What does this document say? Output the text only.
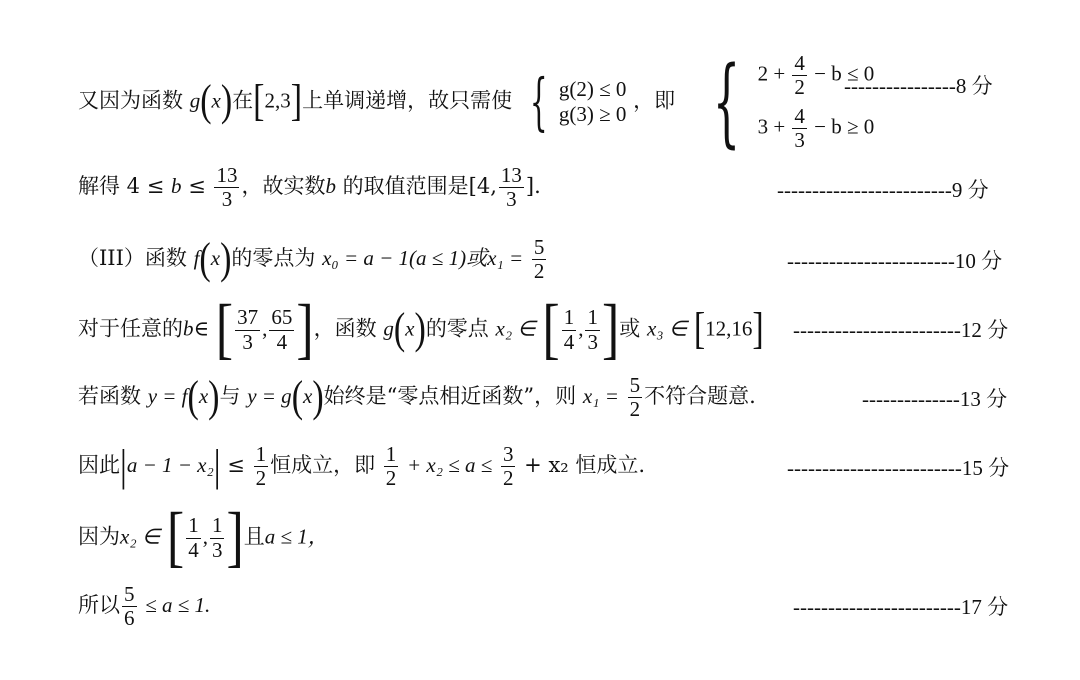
又因为函数 g(x)在[2,3]上单调递增，故只需使 { g(2) ≤ 0
g(3) ≥ 0
，即 { $2 + \frac{4}{2} - b \le 0$
$3 + \frac{4}{3} - b \ge 0$
----------------8 分
解得 $4 \le b \le \frac{13}{3}$ ，故实数b 的取值范围是[4, $\frac{13}{3}$ ].	-------------------------9 分
（III）函数 f(x)的零点为 x₀ = a − 1(a ≤ 1)或$x_1 = \frac{5}{2}$	------------------------10 分
对于任意的b∈ [ $\frac{37}{3}$ , $\frac{65}{4}$ ]，函数 g(x)的零点 x₂ ∈ [ $\frac{1}{4}$ , $\frac{1}{3}$ ]或 x₃ ∈ [12,16] ------------------------12 分
若函数 y = f(x)与 y = g(x)始终是“零点相近函数”，则 $x_1 = \frac{5}{2}$ 不符合题意.	--------------13 分
因此$|a - 1 - x_2| \le \frac{1}{2}$ 恒成立，即 $\frac{1}{2} + x_2 \le a \le \frac{3}{2} + x_2$ 恒成立.	-------------------------15 分
因为x₂ ∈ [ $\frac{1}{4}$ , $\frac{1}{3}$ ]且a ≤ 1，
所以 $\frac{5}{6} \le a \le 1$.	------------------------17 分
